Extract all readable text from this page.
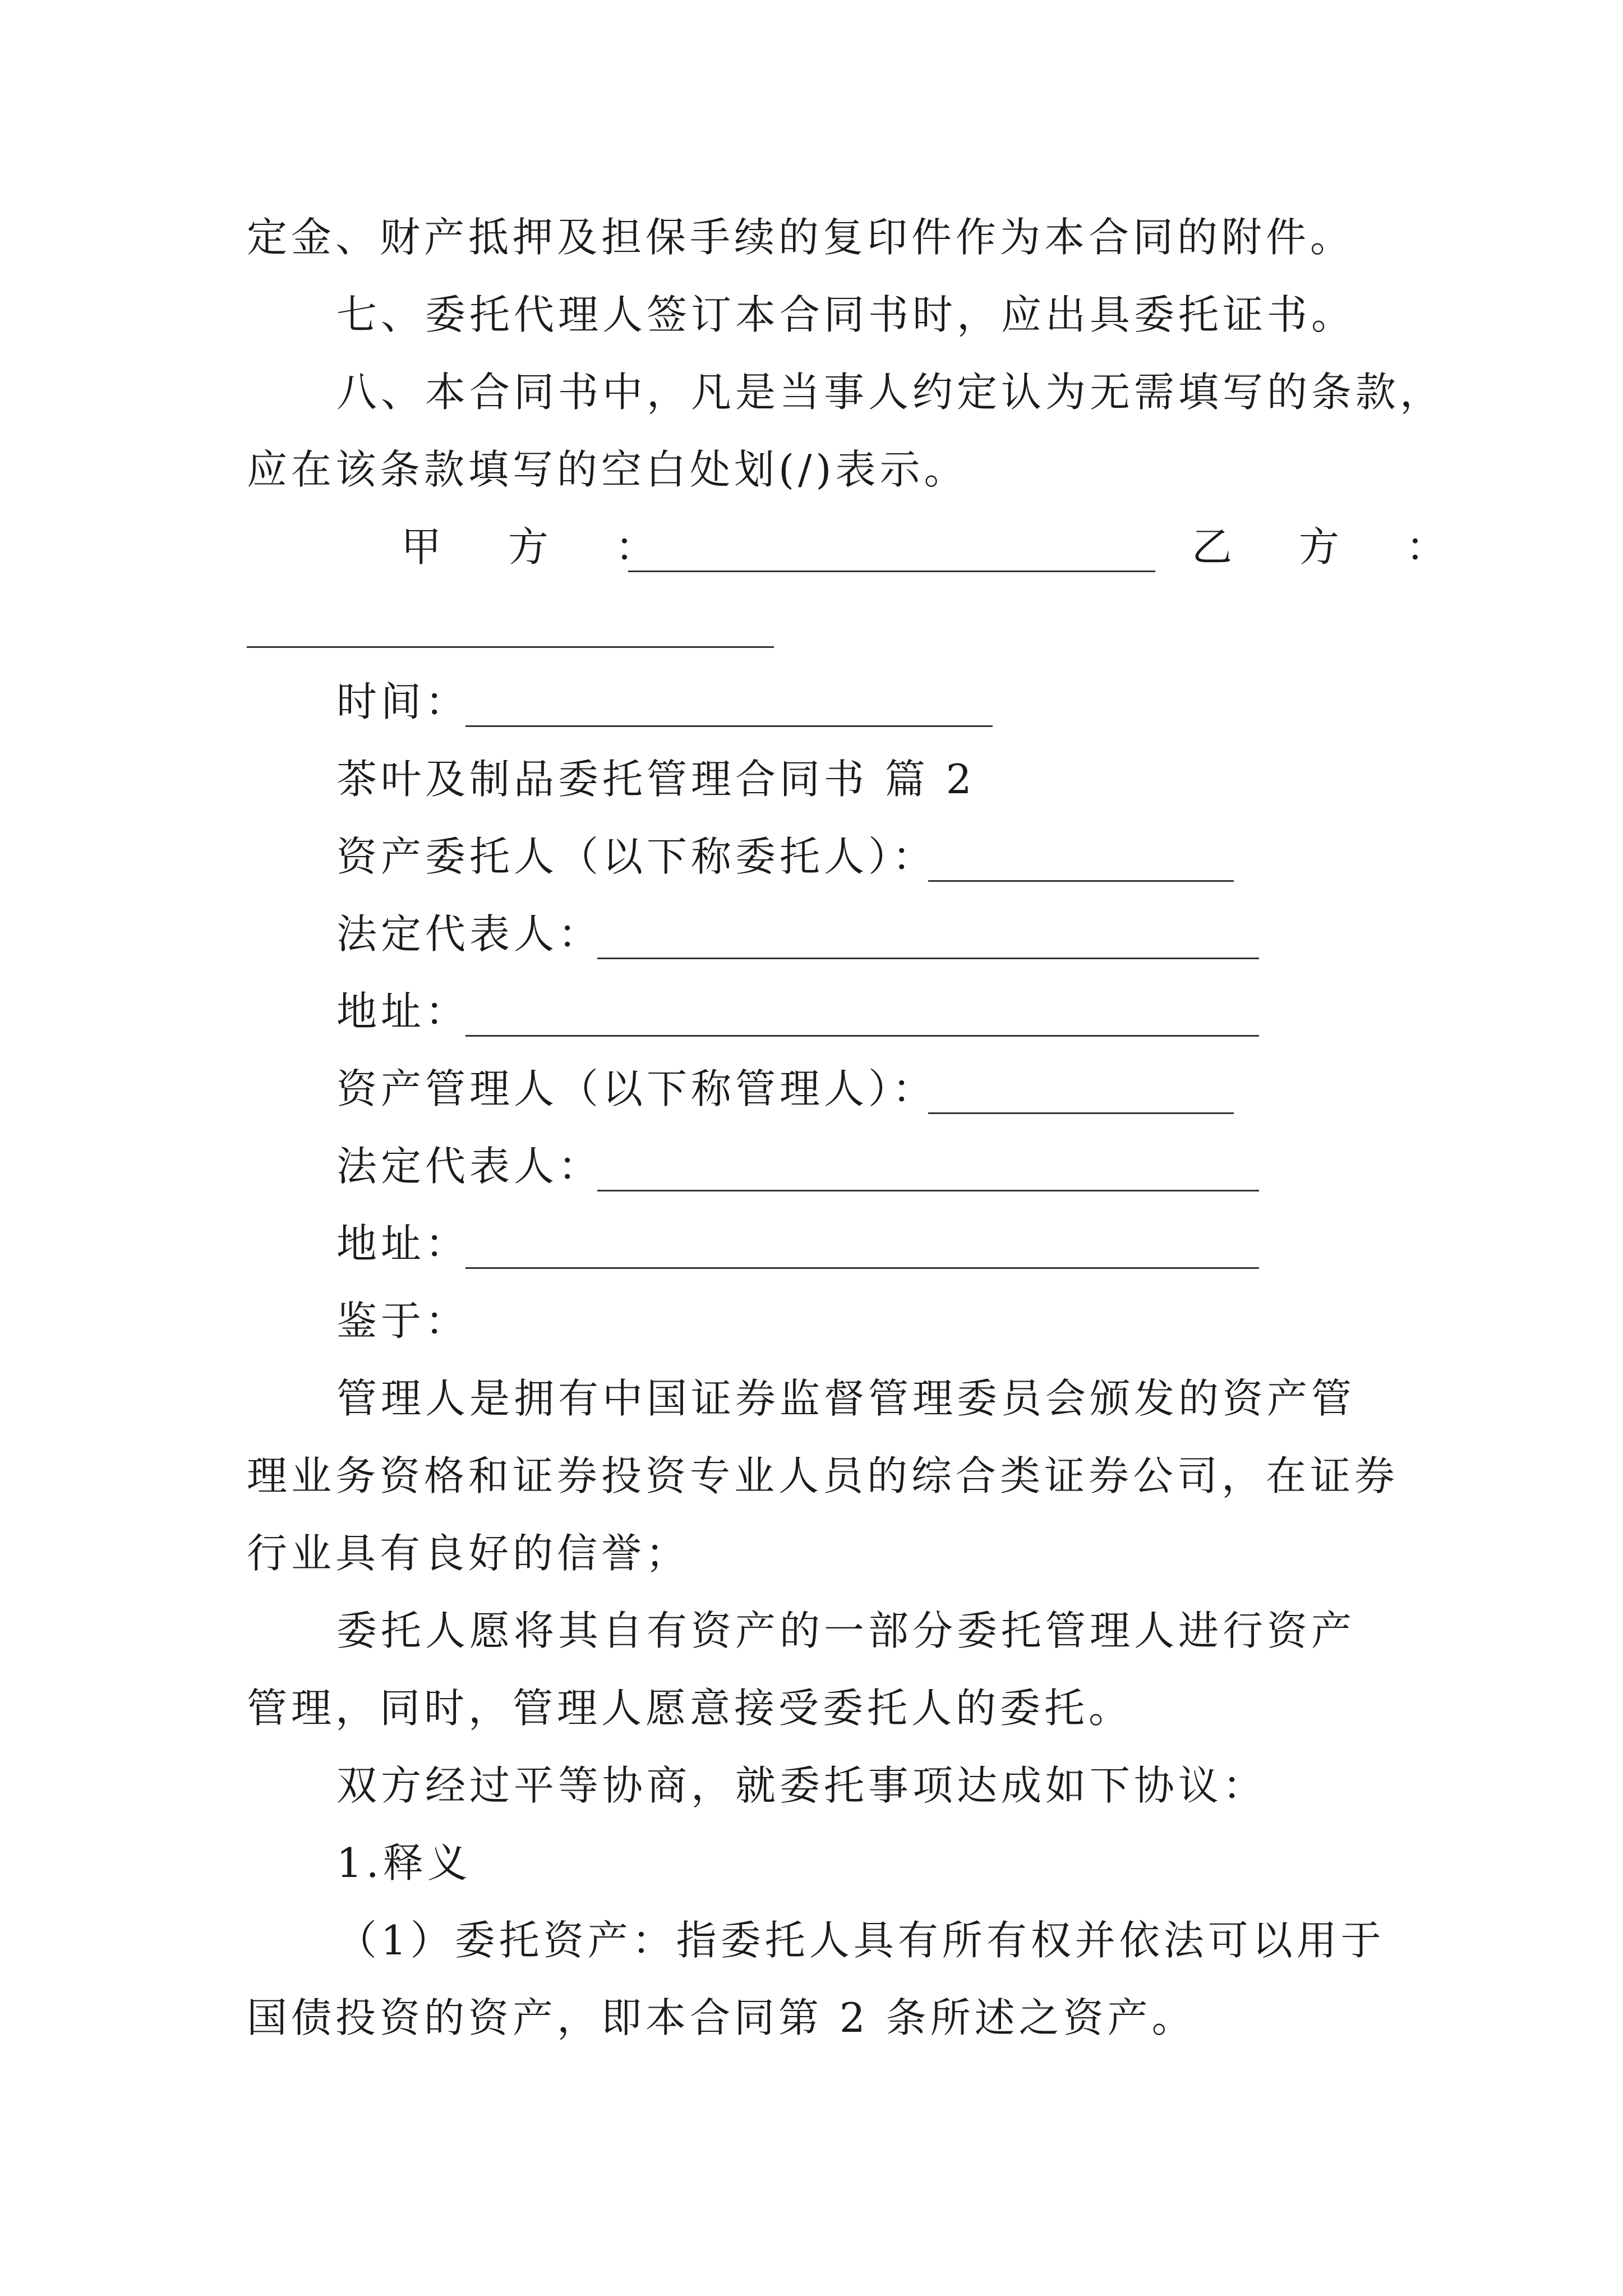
定金、财产抵押及担保手续的复印件作为本合同的附件。
七、委托代理人签订本合同书时，应出具委托证书。
八、本合同书中，凡是当事人约定认为无需填写的条款，
应在该条款填写的空白处划(/)表示。
甲 方 ：	乙 方 ：
时间：
茶叶及制品委托管理合同书 篇 2
资产委托人（以下称委托人）：
法定代表人：
地址：
资产管理人（以下称管理人）：
法定代表人：
地址：
鉴于：
管理人是拥有中国证券监督管理委员会颁发的资产管
理业务资格和证券投资专业人员的综合类证券公司，在证券
行业具有良好的信誉；
委托人愿将其自有资产的一部分委托管理人进行资产
管理，同时，管理人愿意接受委托人的委托。
双方经过平等协商，就委托事项达成如下协议：
1.释义
（1）委托资产：指委托人具有所有权并依法可以用于
国债投资的资产，即本合同第 2 条所述之资产。
